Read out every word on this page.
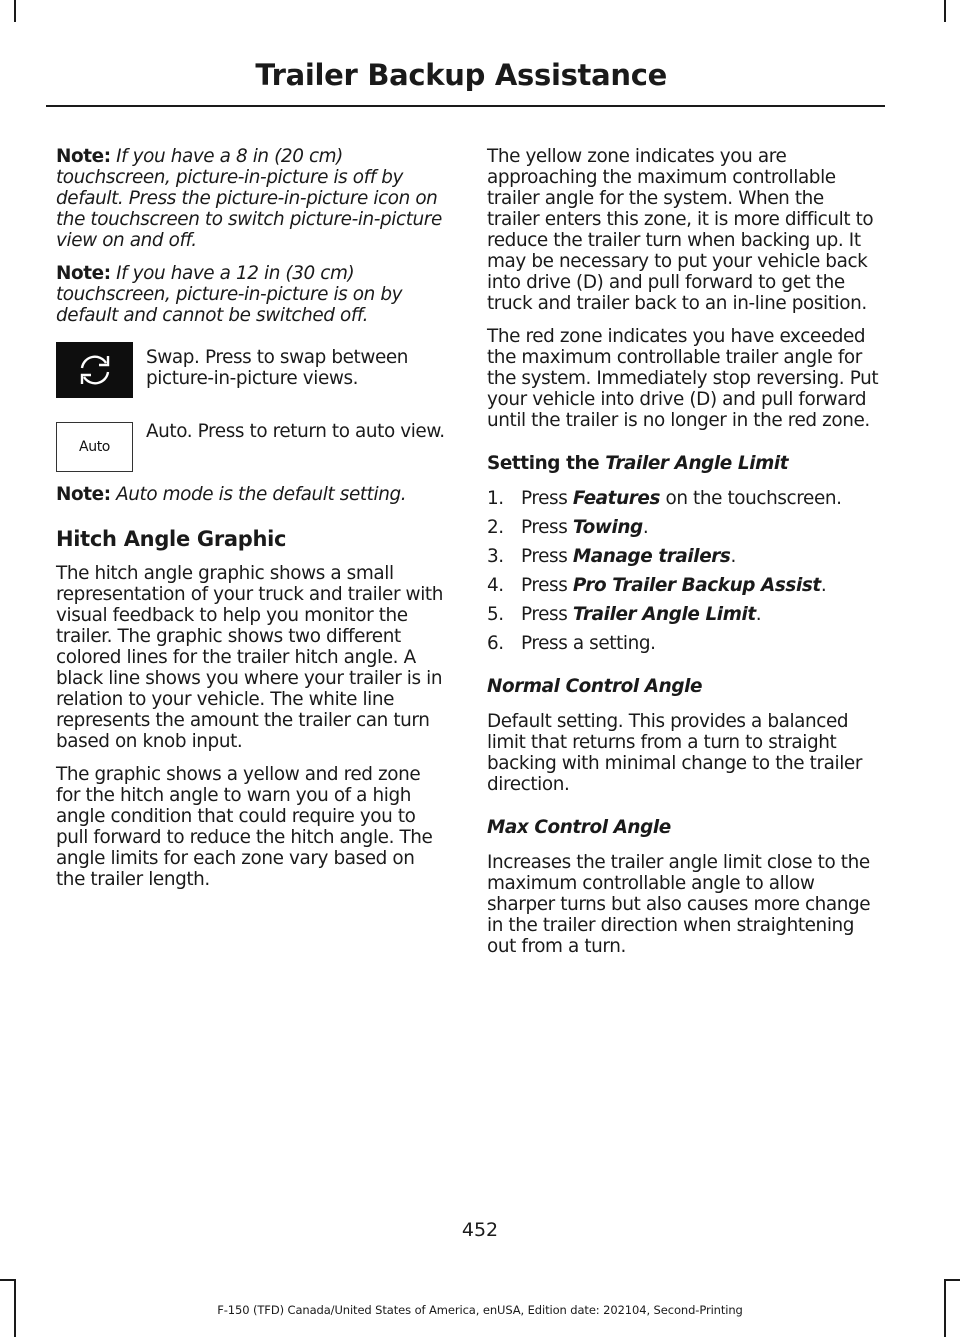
Trailer Backup Assistance

Note: If you have a 8 in (20 cm) touchscreen, picture-in-picture is off by default. Press the picture-in-picture icon on the touchscreen to switch picture-in-picture view on and off.

Note: If you have a 12 in (30 cm) touchscreen, picture-in-picture is on by default and cannot be switched off.

Swap. Press to swap between picture-in-picture views.
Auto
Auto. Press to return to auto view.

Note: Auto mode is the default setting.

Hitch Angle Graphic

The hitch angle graphic shows a small representation of your truck and trailer with visual feedback to help you monitor the trailer. The graphic shows two different colored lines for the trailer hitch angle. A black line shows you where your trailer is in relation to your vehicle. The white line represents the amount the trailer can turn based on knob input.

The graphic shows a yellow and red zone for the hitch angle to warn you of a high angle condition that could require you to pull forward to reduce the hitch angle. The angle limits for each zone vary based on the trailer length.

The yellow zone indicates you are approaching the maximum controllable trailer angle for the system. When the trailer enters this zone, it is more difficult to reduce the trailer turn when backing up. It may be necessary to put your vehicle back into drive (D) and pull forward to get the truck and trailer back to an in-line position.

The red zone indicates you have exceeded the maximum controllable trailer angle for the system. Immediately stop reversing. Put your vehicle into drive (D) and pull forward until the trailer is no longer in the red zone.

Setting the Trailer Angle Limit
1. Press Features on the touchscreen.
2. Press Towing.
3. Press Manage trailers.
4. Press Pro Trailer Backup Assist.
5. Press Trailer Angle Limit.
6. Press a setting.
Normal Control Angle

Default setting. This provides a balanced limit that returns from a turn to straight backing with minimal change to the trailer direction.

Max Control Angle

Increases the trailer angle limit close to the maximum controllable angle to allow sharper turns but also causes more change in the trailer direction when straightening out from a turn.

452
F-150 (TFD) Canada/United States of America, enUSA, Edition date: 202104, Second-Printing
